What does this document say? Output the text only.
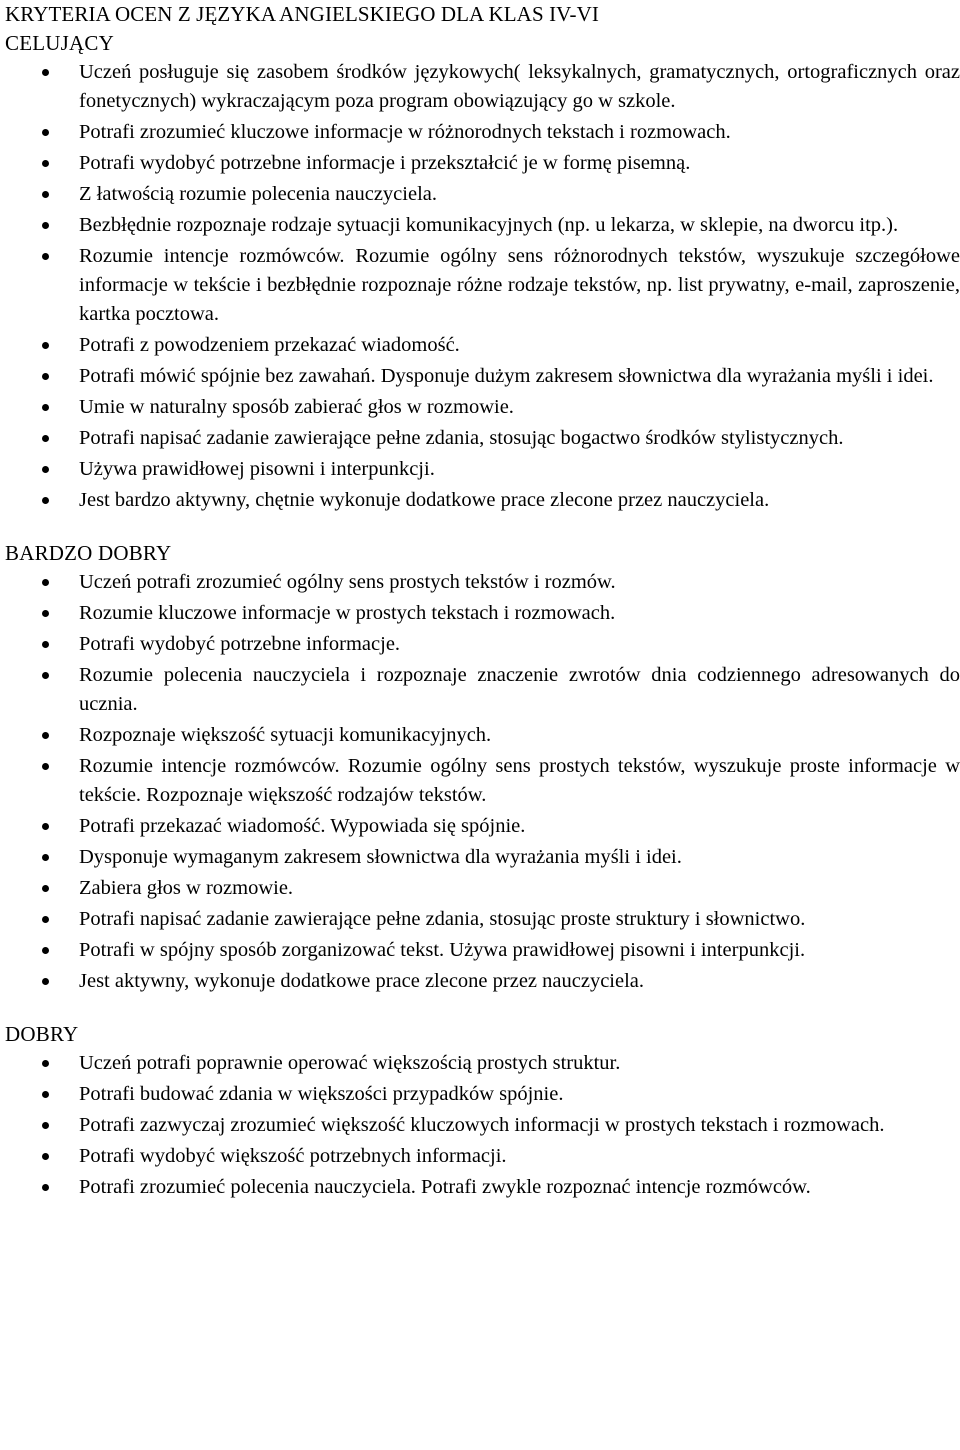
KRYTERIA OCEN Z JĘZYKA ANGIELSKIEGO DLA KLAS IV-VI
CELUJĄCY
Uczeń posługuje się zasobem środków językowych( leksykalnych, gramatycznych, ortograficznych oraz fonetycznych) wykraczającym poza program obowiązujący go w szkole.
Potrafi zrozumieć kluczowe informacje w różnorodnych tekstach i rozmowach.
Potrafi wydobyć potrzebne informacje i przekształcić je w formę pisemną.
Z łatwością rozumie polecenia nauczyciela.
Bezbłędnie rozpoznaje rodzaje sytuacji komunikacyjnych (np. u lekarza, w sklepie, na dworcu itp.).
Rozumie intencje rozmówców. Rozumie ogólny sens różnorodnych tekstów, wyszukuje szczegółowe informacje w tekście i bezbłędnie rozpoznaje różne rodzaje tekstów, np. list prywatny, e-mail, zaproszenie, kartka pocztowa.
Potrafi z powodzeniem przekazać wiadomość.
Potrafi mówić spójnie bez zawahań. Dysponuje dużym zakresem słownictwa dla wyrażania myśli i idei.
Umie w naturalny sposób zabierać głos w rozmowie.
Potrafi napisać zadanie zawierające pełne zdania, stosując bogactwo środków stylistycznych.
Używa prawidłowej pisowni i interpunkcji.
Jest bardzo aktywny, chętnie wykonuje dodatkowe prace zlecone przez nauczyciela.
BARDZO DOBRY
Uczeń potrafi zrozumieć ogólny sens prostych tekstów i rozmów.
Rozumie kluczowe informacje w prostych tekstach i rozmowach.
Potrafi wydobyć potrzebne informacje.
Rozumie polecenia nauczyciela i rozpoznaje znaczenie zwrotów dnia codziennego adresowanych do ucznia.
Rozpoznaje większość sytuacji komunikacyjnych.
Rozumie intencje rozmówców. Rozumie ogólny sens prostych tekstów, wyszukuje proste informacje w tekście. Rozpoznaje większość rodzajów tekstów.
Potrafi przekazać wiadomość. Wypowiada się spójnie.
Dysponuje wymaganym zakresem słownictwa dla wyrażania myśli i idei.
Zabiera głos w rozmowie.
Potrafi napisać zadanie zawierające pełne zdania, stosując proste struktury i słownictwo.
Potrafi w spójny sposób zorganizować tekst. Używa prawidłowej pisowni i interpunkcji.
Jest aktywny, wykonuje dodatkowe prace zlecone przez nauczyciela.
DOBRY
Uczeń potrafi poprawnie operować większością prostych struktur.
Potrafi budować zdania w większości przypadków spójnie.
Potrafi zazwyczaj zrozumieć większość kluczowych informacji w prostych tekstach i rozmowach.
Potrafi wydobyć większość potrzebnych informacji.
Potrafi zrozumieć polecenia nauczyciela. Potrafi zwykle rozpoznać intencje rozmówców.
